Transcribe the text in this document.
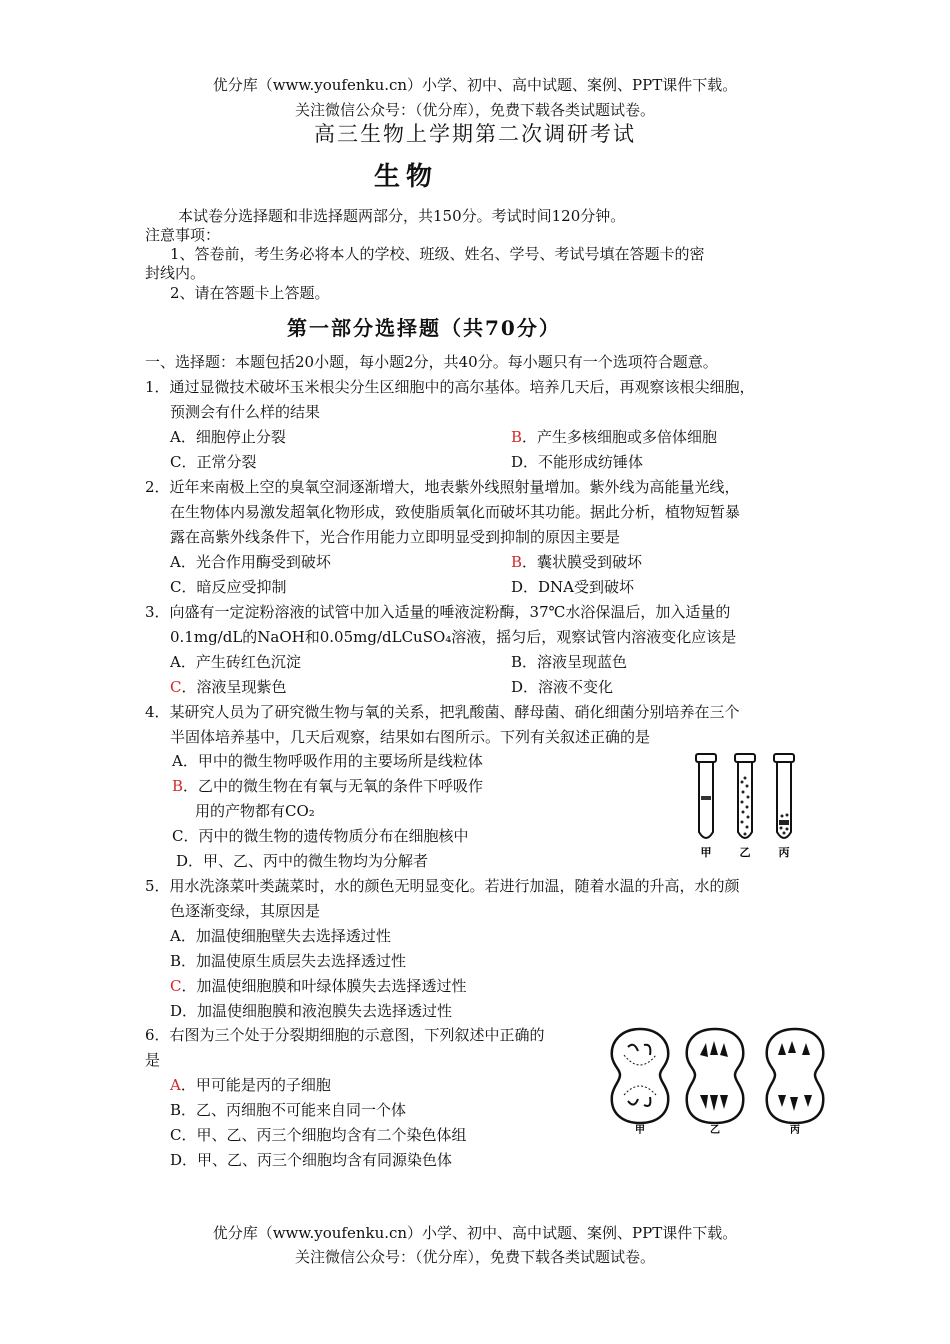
优分库（www.youfenku.cn）小学、初中、高中试题、案例、PPT课件下载。
关注微信公众号：（优分库），免费下载各类试题试卷。
高三生物上学期第二次调研考试
生物
本试卷分选择题和非选择题两部分，共150分。考试时间120分钟。
注意事项：
1、答卷前，考生务必将本人的学校、班级、姓名、学号、考试号填在答题卡的密
封线内。
2、请在答题卡上答题。
第一部分选择题（共70分）
一、选择题：本题包括20小题，每小题2分，共40分。每小题只有一个选项符合题意。
1．通过显微技术破坏玉米根尖分生区细胞中的高尔基体。培养几天后，再观察该根尖细胞，
预测会有什么样的结果
A．细胞停止分裂	B．产生多核细胞或多倍体细胞
C．正常分裂	D．不能形成纺锤体
2．近年来南极上空的臭氧空洞逐渐增大，地表紫外线照射量增加。紫外线为高能量光线，
在生物体内易激发超氧化物形成，致使脂质氧化而破坏其功能。据此分析，植物短暂暴
露在高紫外线条件下，光合作用能力立即明显受到抑制的原因主要是
A．光合作用酶受到破坏	B．囊状膜受到破坏
C．暗反应受抑制	D．DNA受到破坏
3．向盛有一定淀粉溶液的试管中加入适量的唾液淀粉酶，37℃水浴保温后，加入适量的
0.1mg/dL的NaOH和0.05mg/dLCuSO₄溶液，摇匀后，观察试管内溶液变化应该是
A．产生砖红色沉淀	B．溶液呈现蓝色
C．溶液呈现紫色	D．溶液不变化
4．某研究人员为了研究微生物与氧的关系，把乳酸菌、酵母菌、硝化细菌分别培养在三个
半固体培养基中，几天后观察，结果如右图所示。下列有关叙述正确的是
A．甲中的微生物呼吸作用的主要场所是线粒体
B．乙中的微生物在有氧与无氧的条件下呼吸作
用的产物都有CO₂
C．丙中的微生物的遗传物质分布在细胞核中
D．甲、乙、丙中的微生物均为分解者	甲	乙	丙
5．用水洗涤菜叶类蔬菜时，水的颜色无明显变化。若进行加温，随着水温的升高，水的颜
色逐渐变绿，其原因是
A．加温使细胞壁失去选择透过性
B．加温使原生质层失去选择透过性
C．加温使细胞膜和叶绿体膜失去选择透过性
D．加温使细胞膜和液泡膜失去选择透过性
6．右图为三个处于分裂期细胞的示意图，下列叙述中正确的
是
A．甲可能是丙的子细胞
B．乙、丙细胞不可能来自同一个体
C．甲、乙、丙三个细胞均含有二个染色体组
D．甲、乙、丙三个细胞均含有同源染色体
甲	乙	丙
优分库（www.youfenku.cn）小学、初中、高中试题、案例、PPT课件下载。
关注微信公众号：（优分库），免费下载各类试题试卷。
